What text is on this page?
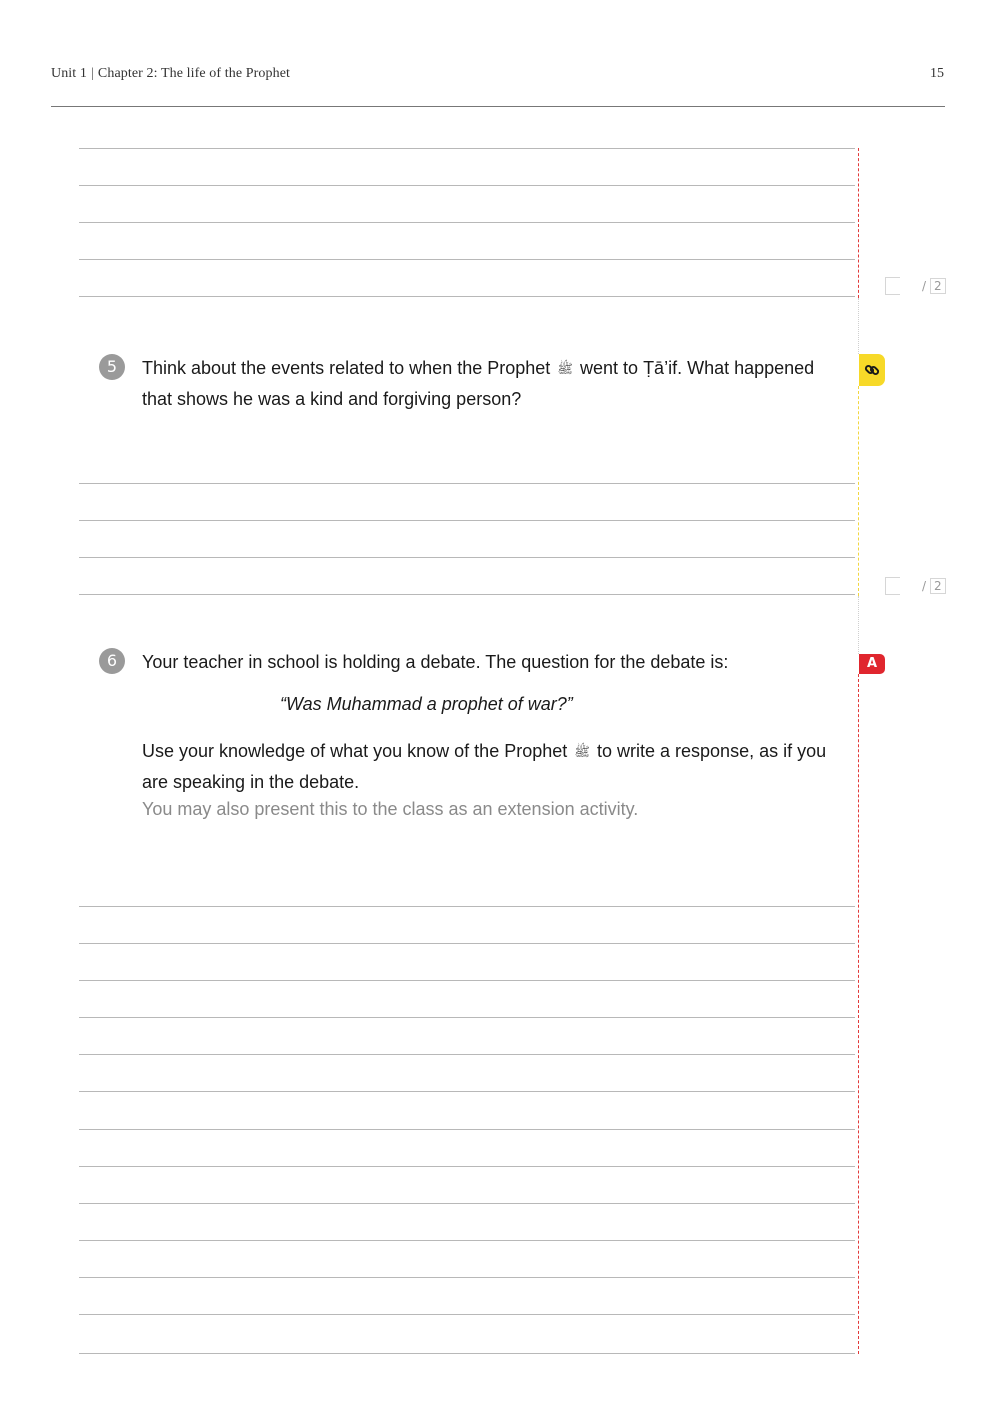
Unit 1 | Chapter 2: The life of the Prophet	15
/ 2
5	Think about the events related to when the Prophet ﷺ went to Ṭā’if. What happened that shows he was a kind and forgiving person?
/ 2
6	Your teacher in school is holding a debate. The question for the debate is:	A
“Was Muhammad a prophet of war?”
Use your knowledge of what you know of the Prophet ﷺ to write a response, as if you are speaking in the debate.
You may also present this to the class as an extension activity.
